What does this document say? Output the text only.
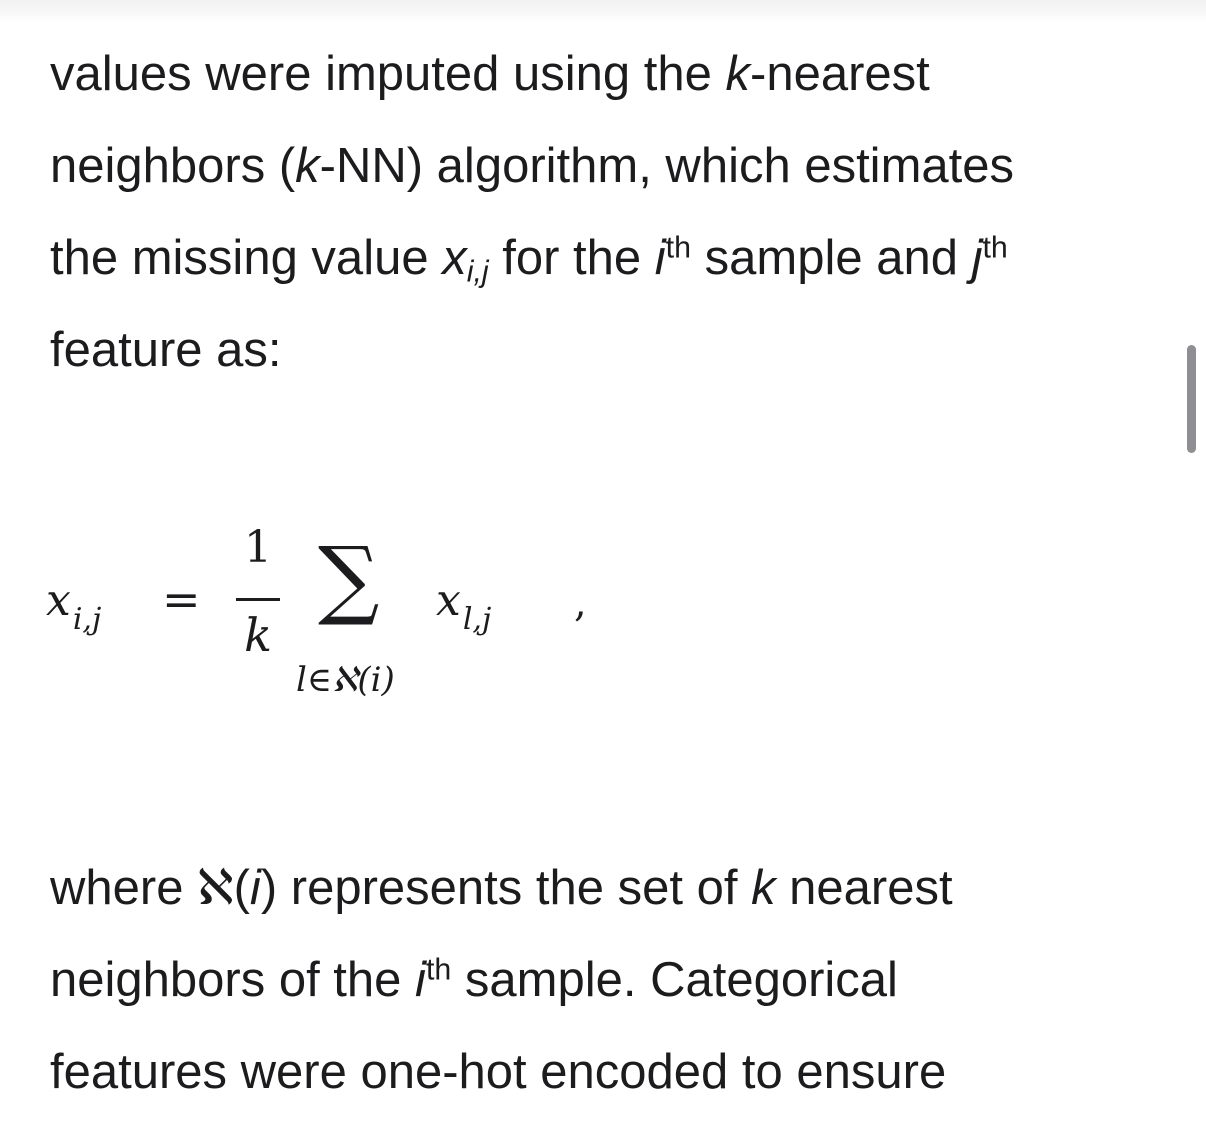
values were imputed using the k-nearest
neighbors (k-NN) algorithm, which estimates
the missing value $x_{i,j}$ for the $i^{th}$ sample and $j^{th}$
feature as:
$x_{i,j}$ =
1
k
∑
l∈ℵ(i)
$x_{l,j}$ ,
where ℵ(i) represents the set of k nearest
neighbors of the $i^{th}$ sample. Categorical
features were one-hot encoded to ensure
